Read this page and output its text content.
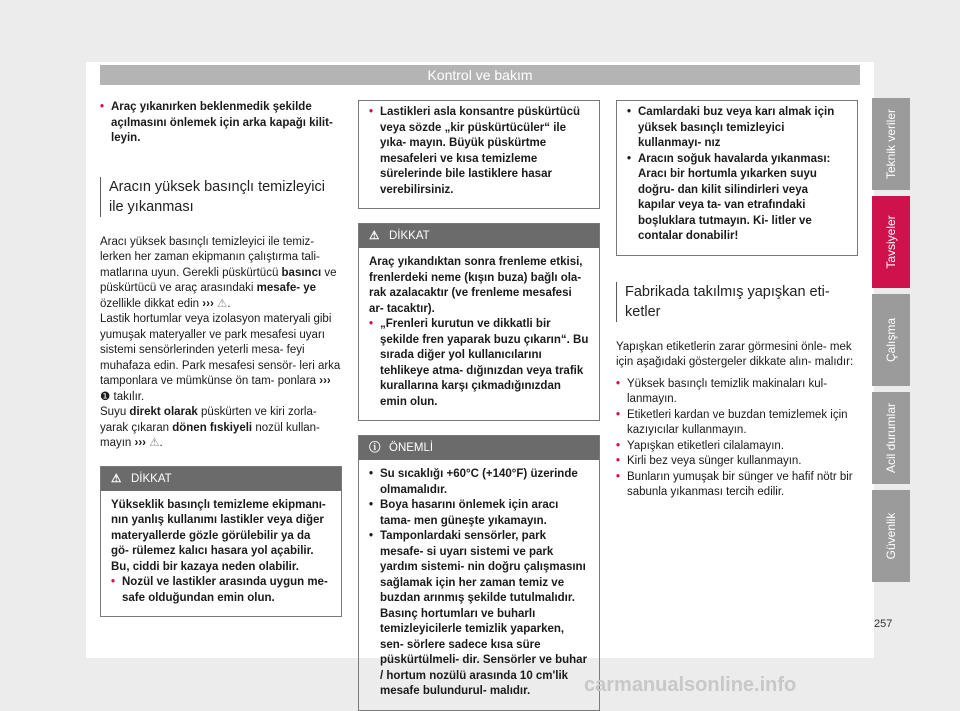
Kontrol ve bakım

• Araç yıkanırken beklenmedik şekilde açılmasını önlemek için arka kapağı kilit- leyin.

Aracın yüksek basınçlı temizleyici ile yıkanması

Aracı yüksek basınçlı temizleyici ile temiz- lerken her zaman ekipmanın çalıştırma tali- matlarına uyun. Gerekli püskürtücü basıncı ve püskürtücü ve araç arasındaki mesafe- ye özellikle dikkat edin ››› ⚠.

Lastik hortumlar veya izolasyon materyali gibi yumuşak materyaller ve park mesafesi uyarı sistemi sensörlerinden yeterli mesa- feyi muhafaza edin. Park mesafesi sensör- leri arka tamponlara ve mümkünse ön tam- ponlara ››› ❶ takılır.

Suyu direkt olarak püskürten ve kiri zorla- yarak çıkaran dönen fıskiyeli nozül kullan- mayın ››› ⚠.

⚠ DİKKAT

Yükseklik basınçlı temizleme ekipmanı- nın yanlış kullanımı lastikler veya diğer materyallerde gözle görülebilir ya da gö- rülemez kalıcı hasara yol açabilir. Bu, ciddi bir kazaya neden olabilir.

• Nozül ve lastikler arasında uygun me- safe olduğundan emin olun.

• Lastikleri asla konsantre püskürtücü veya sözde „kir püskürtücüler“ ile yıka- mayın. Büyük püskürtme mesafeleri ve kısa temizleme sürelerinde bile lastiklere hasar verebilirsiniz.

⚠ DİKKAT

Araç yıkandıktan sonra frenleme etkisi, frenlerdeki neme (kışın buza) bağlı ola- rak azalacaktır (ve frenleme mesafesi ar- tacaktır).

• „Frenleri kurutun ve dikkatli bir şekilde fren yaparak buzu çıkarın“. Bu sırada diğer yol kullanıcılarını tehlikeye atma- dığınızdan veya trafik kurallarına karşı çıkmadığınızdan emin olun.

ⓘ ÖNEMLİ

• Su sıcaklığı +60°C (+140°F) üzerinde olmamalıdır.

• Boya hasarını önlemek için aracı tama- men güneşte yıkamayın.

• Tamponlardaki sensörler, park mesafe- si uyarı sistemi ve park yardım sistemi- nin doğru çalışmasını sağlamak için her zaman temiz ve buzdan arınmış şekilde tutulmalıdır. Basınç hortumları ve buharlı temizleyicilerle temizlik yaparken, sen- sörlere sadece kısa süre püskürtülmeli- dir. Sensörler ve buhar / hortum nozülü arasında 10 cm'lik mesafe bulundurul- malıdır.

• Camlardaki buz veya karı almak için yüksek basınçlı temizleyici kullanmayı- nız

• Aracın soğuk havalarda yıkanması: Aracı bir hortumla yıkarken suyu doğru- dan kilit silindirleri veya kapılar veya ta- van etrafındaki boşluklara tutmayın. Ki- litler ve contalar donabilir!

Fabrikada takılmış yapışkan eti- ketler

Yapışkan etiketlerin zarar görmesini önle- mek için aşağıdaki göstergeler dikkate alın- malıdır:

• Yüksek basınçlı temizlik makinaları kul- lanmayın.

• Etiketleri kardan ve buzdan temizlemek için kazıyıcılar kullanmayın.

• Yapışkan etiketleri cilalamayın.

• Kirli bez veya sünger kullanmayın.

• Bunların yumuşak bir sünger ve hafif nötr bir sabunla yıkanması tercih edilir.

Teknik veriler
Tavsiyeler
Çalışma
Acil durumlar
Güvenlik
257
carmanualsonline.info
